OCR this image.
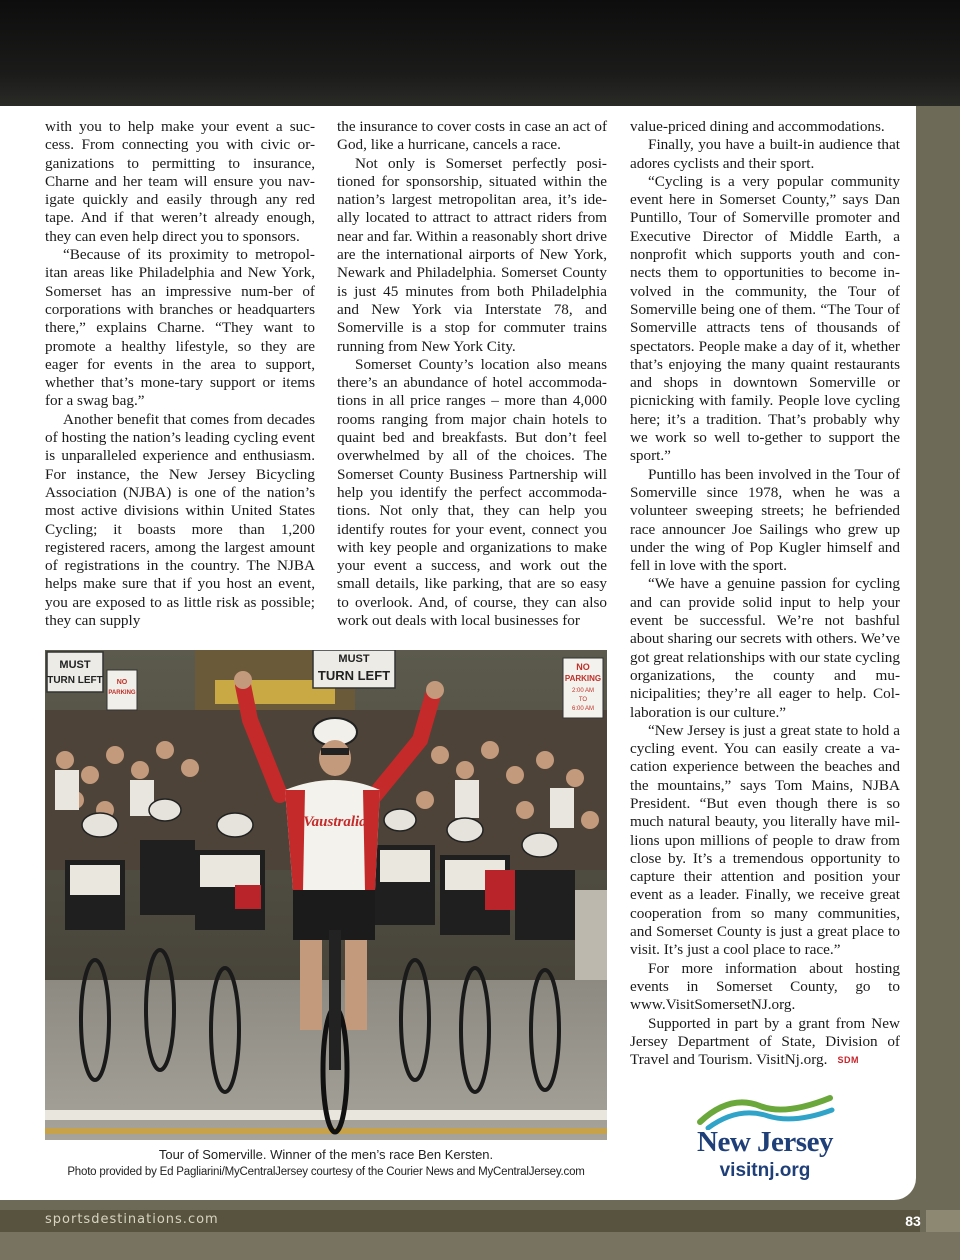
with you to help make your event a suc-cess. From connecting you with civic or-ganizations to permitting to insurance, Charne and her team will ensure you nav-igate quickly and easily through any red tape. And if that weren’t already enough, they can even help direct you to sponsors.

“Because of its proximity to metropol-itan areas like Philadelphia and New York, Somerset has an impressive num-ber of corporations with branches or headquarters there,” explains Charne. “They want to promote a healthy lifestyle, so they are eager for events in the area to support, whether that’s mone-tary support or items for a swag bag.”

Another benefit that comes from decades of hosting the nation’s leading cycling event is unparalleled experience and enthusiasm. For instance, the New Jersey Bicycling Association (NJBA) is one of the nation’s most active divisions within United States Cycling; it boasts more than 1,200 registered racers, among the largest amount of registrations in the country. The NJBA helps make sure that if you host an event, you are exposed to as little risk as possible; they can supply

the insurance to cover costs in case an act of God, like a hurricane, cancels a race.

Not only is Somerset perfectly posi-tioned for sponsorship, situated within the nation’s largest metropolitan area, it’s ide-ally located to attract to attract riders from near and far. Within a reasonably short drive are the international airports of New York, Newark and Philadelphia. Somerset County is just 45 minutes from both Philadelphia and New York via Interstate 78, and Somerville is a stop for commuter trains running from New York City.

Somerset County’s location also means there’s an abundance of hotel accommoda-tions in all price ranges – more than 4,000 rooms ranging from major chain hotels to quaint bed and breakfasts. But don’t feel overwhelmed by all of the choices. The Somerset County Business Partnership will help you identify the perfect accommoda-tions. Not only that, they can help you identify routes for your event, connect you with key people and organizations to make your event a success, and work out the small details, like parking, that are so easy to overlook. And, of course, they can also work out deals with local businesses for

value-priced dining and accommodations.

Finally, you have a built-in audience that adores cyclists and their sport.

“Cycling is a very popular community event here in Somerset County,” says Dan Puntillo, Tour of Somerville promoter and Executive Director of Middle Earth, a nonprofit which supports youth and con-nects them to opportunities to become in-volved in the community, the Tour of Somerville being one of them. “The Tour of Somerville attracts tens of thousands of spectators. People make a day of it, whether that’s enjoying the many quaint restaurants and shops in downtown Somerville or picnicking with family. People love cycling here; it’s a tradition. That’s probably why we work so well to-gether to support the sport.”

Puntillo has been involved in the Tour of Somerville since 1978, when he was a volunteer sweeping streets; he befriended race announcer Joe Sailings who grew up under the wing of Pop Kugler himself and fell in love with the sport.

“We have a genuine passion for cycling and can provide solid input to help your event be successful. We’re not bashful about sharing our secrets with others. We’ve got great relationships with our state cycling organizations, the county and mu-nicipalities; they’re all eager to help. Col-laboration is our culture.”

“New Jersey is just a great state to hold a cycling event. You can easily create a va-cation experience between the beaches and the mountains,” says Tom Mains, NJBA President. “But even though there is so much natural beauty, you literally have mil-lions upon millions of people to draw from close by. It’s a tremendous opportunity to capture their attention and position your event as a leader. Finally, we receive great cooperation from so many communities, and Somerset County is just a great place to visit. It’s just a cool place to race.”

For more information about hosting events in Somerset County, go to www.VisitSomersetNJ.org.

Supported in part by a grant from New Jersey Department of State, Division of Travel and Tourism. VisitNj.org. SDM

MUST
TURN LEFT NO
PARKING
MUST
TURN LEFT
NO
PARKING
2:00 AM
TO
6:00 AM
Vaustralia
Tour of Somerville. Winner of the men’s race Ben Kersten.
Photo provided by Ed Pagliarini/MyCentralJersey courtesy of the Courier News and MyCentralJersey.com
New Jersey
visitnj.org
sportsdestinations.com	83
